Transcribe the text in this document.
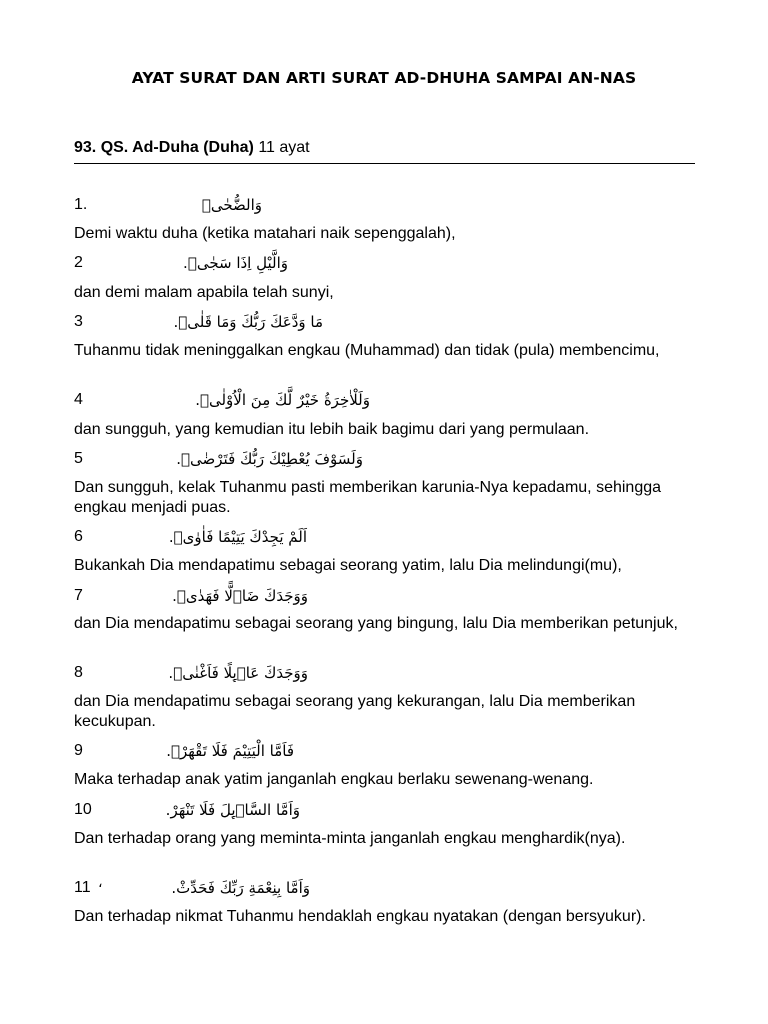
AYAT SURAT DAN ARTI SURAT AD-DHUHA SAMPAI AN-NAS
93. QS. Ad-Duha (Duha) 11 ayat
1.	وَالضُّحٰىۙ
Demi waktu duha (ketika matahari naik sepenggalah),
2	وَالَّيْلِ اِذَا سَجٰىۙ.
dan demi malam apabila telah sunyi,
3	مَا وَدَّعَكَ رَبُّكَ وَمَا قَلٰىۗ.
Tuhanmu tidak meninggalkan engkau (Muhammad) dan tidak (pula) membencimu,
4	وَلَلْاٰخِرَةُ خَيْرٌ لَّكَ مِنَ الْاُوْلٰىۗ.
dan sungguh, yang kemudian itu lebih baik bagimu dari yang permulaan.
5	وَلَسَوْفَ يُعْطِيْكَ رَبُّكَ فَتَرْضٰىۗ.
Dan sungguh, kelak Tuhanmu pasti memberikan karunia-Nya kepadamu, sehingga engkau menjadi puas.
6	اَلَمْ يَجِدْكَ يَتِيْمًا فَاٰوٰىۖ.
Bukankah Dia mendapatimu sebagai seorang yatim, lalu Dia melindungi(mu),
7	وَوَجَدَكَ ضَاۤلًّا فَهَدٰىۖ.
dan Dia mendapatimu sebagai seorang yang bingung, lalu Dia memberikan petunjuk,
8	وَوَجَدَكَ عَاۤىِٕلًا فَاَغْنٰىۗ.
dan Dia mendapatimu sebagai seorang yang kekurangan, lalu Dia memberikan kecukupan.
9	فَاَمَّا الْيَتِيْمَ فَلَا تَقْهَرْۗ.
Maka terhadap anak yatim janganlah engkau berlaku sewenang-wenang.
10	وَاَمَّا السَّاۤىِٕلَ فَلَا تَنْهَرْ.
Dan terhadap orang yang meminta-minta janganlah engkau menghardik(nya).
11 ،	وَاَمَّا بِنِعْمَةِ رَبِّكَ فَحَدِّثْ.
Dan terhadap nikmat Tuhanmu hendaklah engkau nyatakan (dengan bersyukur).
